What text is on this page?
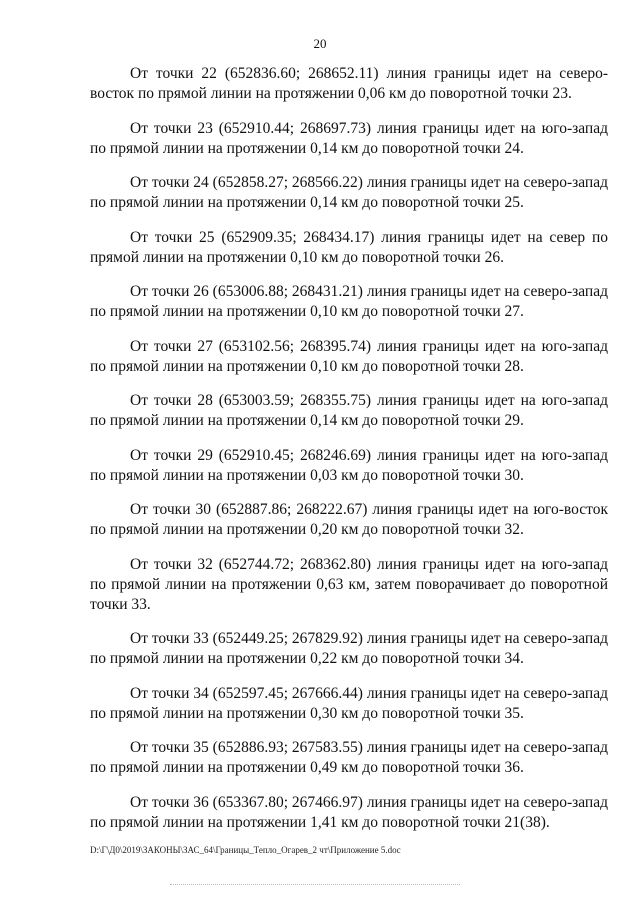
20

От точки 22 (652836.60; 268652.11) линия границы идет на северо-восток по прямой линии на протяжении 0,06 км до поворотной точки 23.

От точки 23 (652910.44; 268697.73) линия границы идет на юго-запад по прямой линии на протяжении 0,14 км до поворотной точки 24.

От точки 24 (652858.27; 268566.22) линия границы идет на северо-запад по прямой линии на протяжении 0,14 км до поворотной точки 25.

От точки 25 (652909.35; 268434.17) линия границы идет на север по прямой линии на протяжении 0,10 км до поворотной точки 26.

От точки 26 (653006.88; 268431.21) линия границы идет на северо-запад по прямой линии на протяжении 0,10 км до поворотной точки 27.

От точки 27 (653102.56; 268395.74) линия границы идет на юго-запад по прямой линии на протяжении 0,10 км до поворотной точки 28.

От точки 28 (653003.59; 268355.75) линия границы идет на юго-запад по прямой линии на протяжении 0,14 км до поворотной точки 29.

От точки 29 (652910.45; 268246.69) линия границы идет на юго-запад по прямой линии на протяжении 0,03 км до поворотной точки 30.

От точки 30 (652887.86; 268222.67) линия границы идет на юго-восток по прямой линии на протяжении 0,20 км до поворотной точки 32.

От точки 32 (652744.72; 268362.80) линия границы идет на юго-запад по прямой линии на протяжении 0,63 км, затем поворачивает до поворотной точки 33.

От точки 33 (652449.25; 267829.92) линия границы идет на северо-запад по прямой линии на протяжении 0,22 км до поворотной точки 34.

От точки 34 (652597.45; 267666.44) линия границы идет на северо-запад по прямой линии на протяжении 0,30 км до поворотной точки 35.

От точки 35 (652886.93; 267583.55) линия границы идет на северо-запад по прямой линии на протяжении 0,49 км до поворотной точки 36.

От точки 36 (653367.80; 267466.97) линия границы идет на северо-запад по прямой линии на протяжении 1,41 км до поворотной точки 21(38).

D:\Г\Д0\2019\ЗАКОНЫ\ЗАС_64\Границы_Тепло_Огарев_2 чт\Приложение 5.doc
